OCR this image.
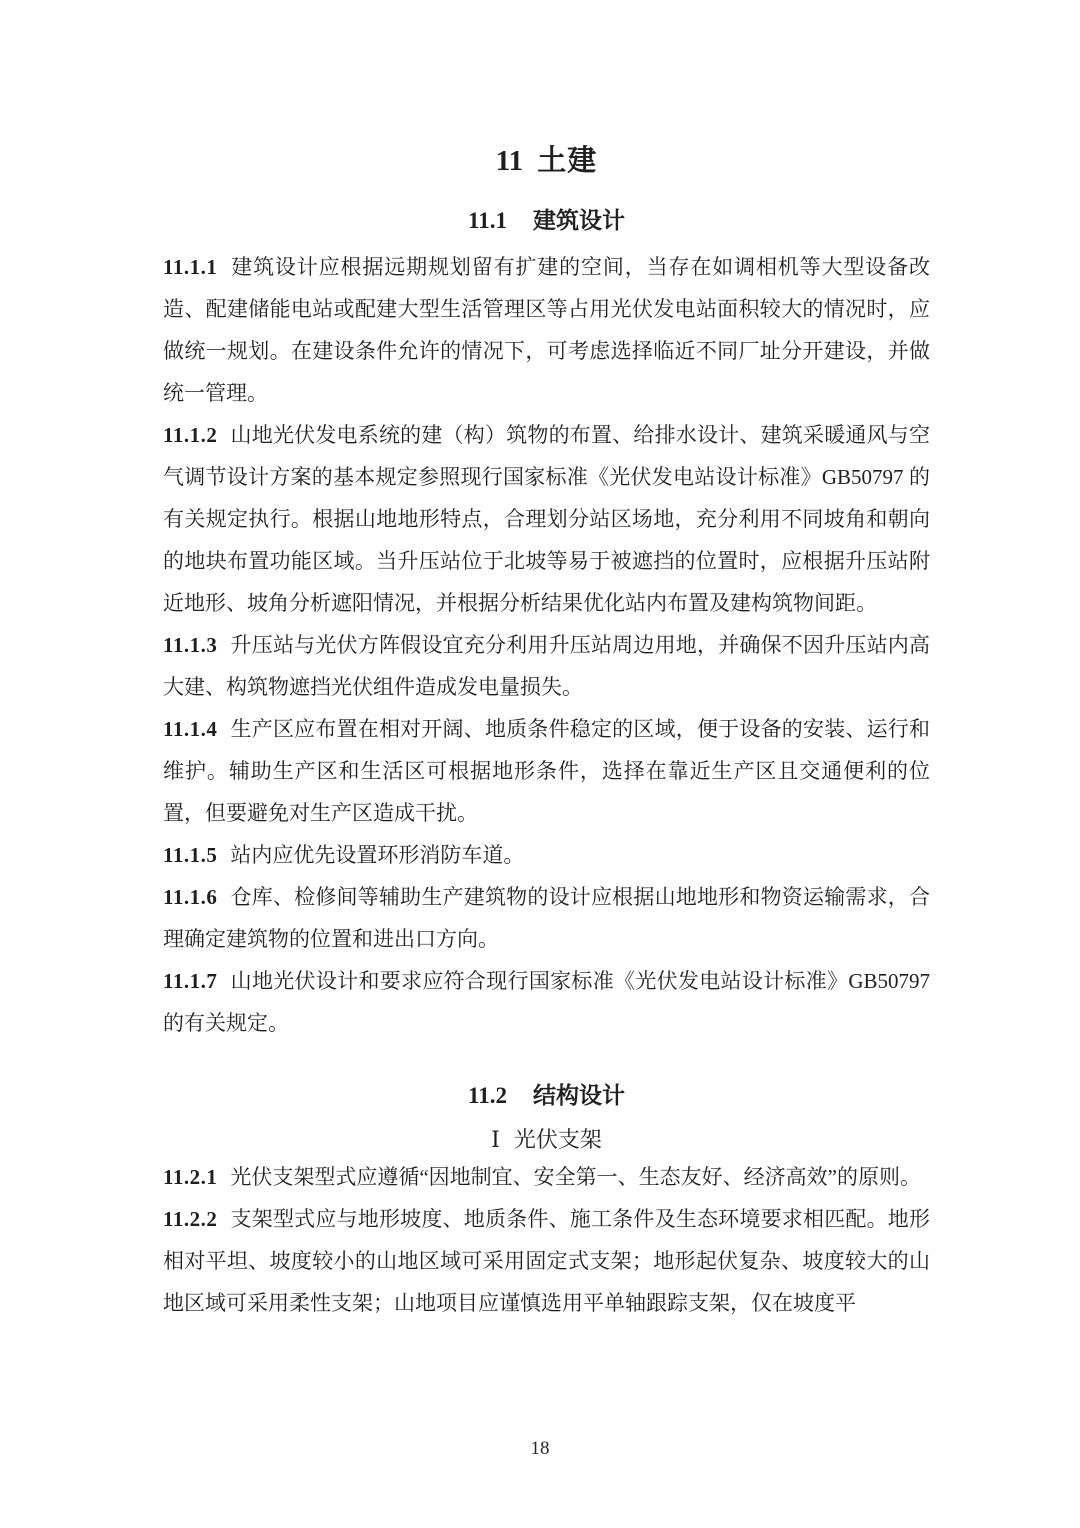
11 土建
11.1 建筑设计

11.1.1 建筑设计应根据远期规划留有扩建的空间，当存在如调相机等大型设备改造、配建储能电站或配建大型生活管理区等占用光伏发电站面积较大的情况时，应做统一规划。在建设条件允许的情况下，可考虑选择临近不同厂址分开建设，并做统一管理。

11.1.2 山地光伏发电系统的建（构）筑物的布置、给排水设计、建筑采暖通风与空气调节设计方案的基本规定参照现行国家标准《光伏发电站设计标准》GB50797 的有关规定执行。根据山地地形特点，合理划分站区场地，充分利用不同坡角和朝向的地块布置功能区域。当升压站位于北坡等易于被遮挡的位置时，应根据升压站附近地形、坡角分析遮阳情况，并根据分析结果优化站内布置及建构筑物间距。

11.1.3 升压站与光伏方阵假设宜充分利用升压站周边用地，并确保不因升压站内高大建、构筑物遮挡光伏组件造成发电量损失。

11.1.4 生产区应布置在相对开阔、地质条件稳定的区域，便于设备的安装、运行和维护。辅助生产区和生活区可根据地形条件，选择在靠近生产区且交通便利的位置，但要避免对生产区造成干扰。

11.1.5 站内应优先设置环形消防车道。

11.1.6 仓库、检修间等辅助生产建筑物的设计应根据山地地形和物资运输需求，合理确定建筑物的位置和进出口方向。

11.1.7 山地光伏设计和要求应符合现行国家标准《光伏发电站设计标准》GB50797 的有关规定。

11.2 结构设计
Ⅰ 光伏支架

11.2.1 光伏支架型式应遵循“因地制宜、安全第一、生态友好、经济高效”的原则。

11.2.2 支架型式应与地形坡度、地质条件、施工条件及生态环境要求相匹配。地形相对平坦、坡度较小的山地区域可采用固定式支架；地形起伏复杂、坡度较大的山地区域可采用柔性支架；山地项目应谨慎选用平单轴跟踪支架，仅在坡度平

18
